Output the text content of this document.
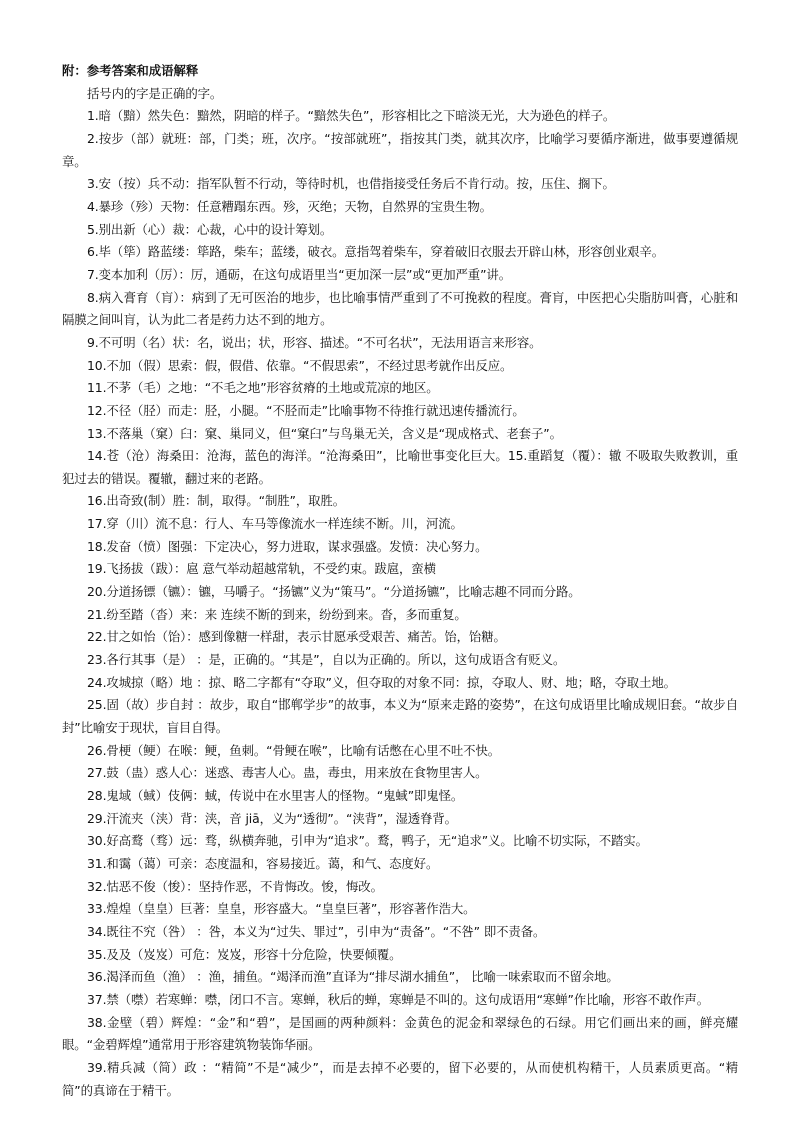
附：参考答案和成语解释
括号内的字是正确的字。
1.暗（黯）然失色：黯然，阴暗的样子。“黯然失色”，形容相比之下暗淡无光，大为逊色的样子。
2.按步（部）就班：部，门类；班，次序。“按部就班”，指按其门类，就其次序，比喻学习要循序渐进，做事要遵循规章。
3.安（按）兵不动：指军队暂不行动，等待时机，也借指接受任务后不肯行动。按，压住、搁下。
4.暴珍（殄）天物：任意糟蹋东西。殄，灭绝；天物，自然界的宝贵生物。
5.别出新（心）裁：心裁，心中的设计筹划。
6.毕（筚）路蓝缕：筚路，柴车；蓝缕，破衣。意指驾着柴车，穿着破旧衣服去开辟山林，形容创业艰辛。
7.变本加利（厉）：厉，通砺，在这句成语里当“更加深一层”或“更加严重”讲。
8.病入膏育（肓）：病到了无可医治的地步，也比喻事情严重到了不可挽救的程度。膏肓，中医把心尖脂肪叫膏，心脏和隔膜之间叫肓，认为此二者是药力达不到的地方。
9.不可明（名）状：名，说出；状，形容、描述。“不可名状”，无法用语言来形容。
10.不加（假）思索：假，假借、依靠。“不假思索”，不经过思考就作出反应。
11.不茅（毛）之地：“不毛之地”形容贫瘠的土地或荒凉的地区。
12.不径（胫）而走：胫，小腿。“不胫而走”比喻事物不待推行就迅速传播流行。
13.不落巢（窠）臼：窠、巢同义，但“窠臼”与鸟巢无关，含义是“现成格式、老套子”。
14.苍（沧）海桑田：沧海，蓝色的海洋。“沧海桑田”，比喻世事变化巨大。15.重蹈复（覆）：辙 不吸取失败教训，重犯过去的错误。覆辙，翻过来的老路。
16.出奇致(制）胜：制，取得。“制胜”，取胜。
17.穿（川）流不息：行人、车马等像流水一样连续不断。川，河流。
18.发奋（愤）图强：下定决心，努力进取，谋求强盛。发愤：决心努力。
19.飞扬拔（跋）：扈 意气举动超越常轨，不受约束。跋扈，蛮横
20.分道扬镖（镳）：镳，马嚼子。“扬镳”义为“策马”。“分道扬镳”，比喻志趣不同而分路。
21.纷至踏（沓）来：来 连续不断的到来，纷纷到来。沓，多而重复。
22.甘之如怡（饴）：感到像糖一样甜，表示甘愿承受艰苦、痛苦。饴，饴糖。
23.各行其事（是） ：是，正确的。“其是”，自以为正确的。所以，这句成语含有贬义。
24.攻城掠（略）地 ：掠、略二字都有“夺取”义，但夺取的对象不同：掠，夺取人、财、地；略，夺取土地。
25.固（故）步自封 ：故步，取自“邯郸学步”的故事，本义为“原来走路的姿势”，在这句成语里比喻成规旧套。“故步自封”比喻安于现状，盲目自得。
26.骨梗（鲠）在喉：鲠，鱼刺。“骨鲠在喉”，比喻有话憋在心里不吐不快。
27.鼓（蛊）惑人心：迷惑、毒害人心。蛊，毒虫，用来放在食物里害人。
28.鬼域（蜮）伎俩：蜮，传说中在水里害人的怪物。“鬼蜮”即鬼怪。
29.汗流夹（浃）背：浃，音 jiā，义为“透彻”。“浃背”，湿透脊背。
30.好高鹜（骛）远：骛，纵横奔驰，引申为“追求”。鹜，鸭子，无“追求”义。比喻不切实际，不踏实。
31.和霭（蔼）可亲：态度温和，容易接近。蔼，和气、态度好。
32.怙恶不俊（悛）：坚持作恶，不肯悔改。悛，悔改。
33.煌煌（皇皇）巨著：皇皇，形容盛大。“皇皇巨著”，形容著作浩大。
34.既往不究（咎） ：咎，本义为“过失、罪过”，引申为“责备”。“不咎” 即不责备。
35.及及（岌岌）可危：岌岌，形容十分危险，快要倾覆。
36.渴泽而鱼（渔） ：渔，捕鱼。“竭泽而渔”直译为“排尽湖水捕鱼”， 比喻一味索取而不留余地。
37.禁（噤）若寒蝉：噤，闭口不言。寒蝉，秋后的蝉，寒蝉是不叫的。这句成语用“寒蝉”作比喻，形容不敢作声。
38.金壁（碧）辉煌：“金”和“碧”，是国画的两种颜料：金黄色的泥金和翠绿色的石绿。用它们画出来的画，鲜亮耀眼。“金碧辉煌”通常用于形容建筑物装饰华丽。
39.精兵减（简）政 ：“精简”不是“减少”，而是去掉不必要的，留下必要的，从而使机构精干，人员素质更高。“精简”的真谛在于精干。
